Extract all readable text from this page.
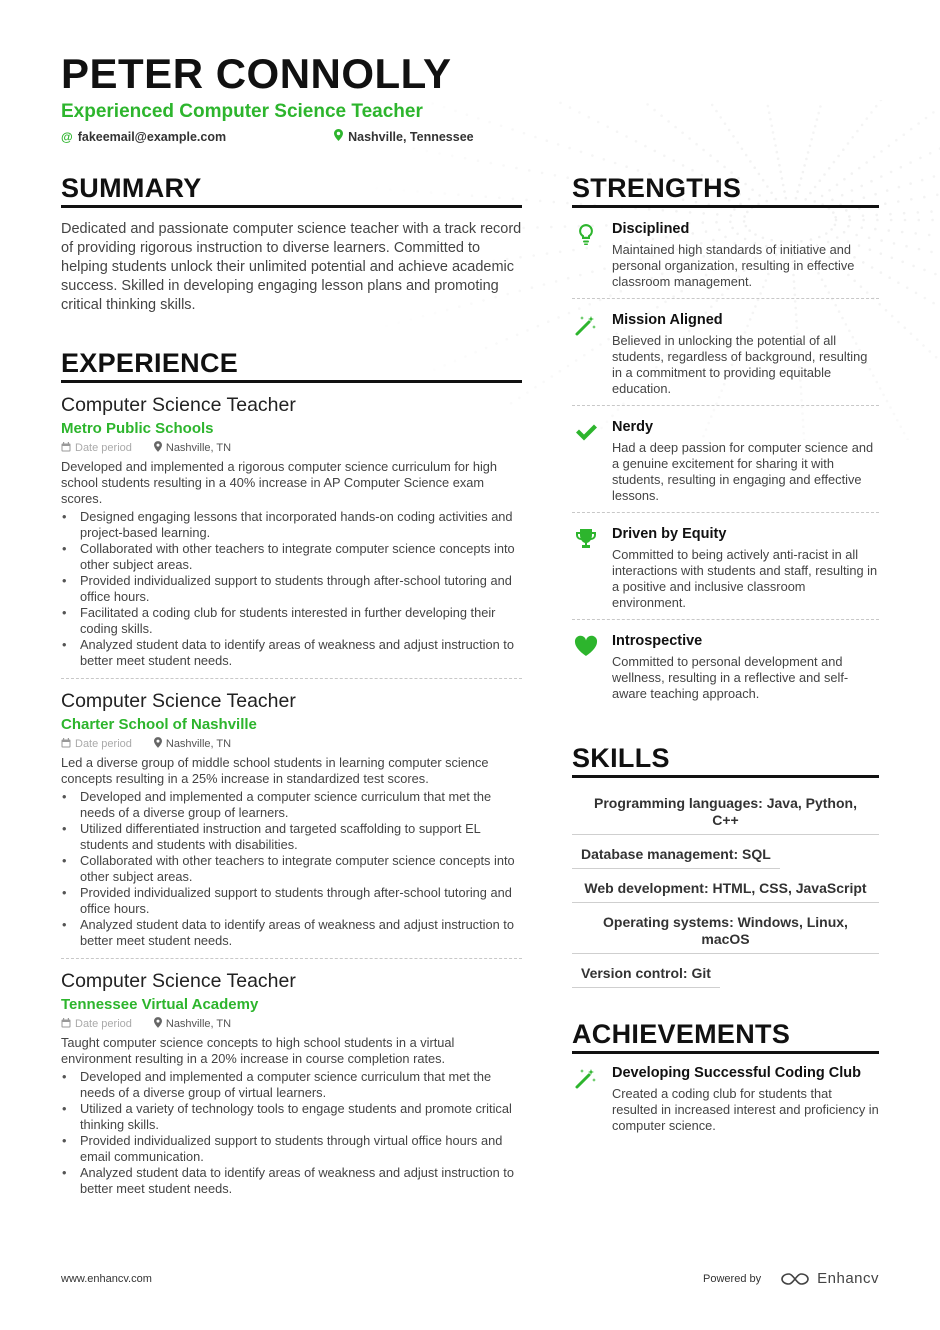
PETER CONNOLLY
Experienced Computer Science Teacher
@ fakeemail@example.com	Nashville, Tennessee
SUMMARY

Dedicated and passionate computer science teacher with a track record of providing rigorous instruction to diverse learners. Committed to helping students unlock their unlimited potential and achieve academic success. Skilled in developing engaging lesson plans and promoting critical thinking skills.

EXPERIENCE
Computer Science Teacher
Metro Public Schools
Date period	Nashville, TN
Developed and implemented a rigorous computer science curriculum for high school students resulting in a 40% increase in AP Computer Science exam scores.
• Designed engaging lessons that incorporated hands-on coding activities and project-based learning.
• Collaborated with other teachers to integrate computer science concepts into other subject areas.
• Provided individualized support to students through after-school tutoring and office hours.
• Facilitated a coding club for students interested in further developing their coding skills.
• Analyzed student data to identify areas of weakness and adjust instruction to better meet student needs.
Computer Science Teacher
Charter School of Nashville
Date period	Nashville, TN
Led a diverse group of middle school students in learning computer science concepts resulting in a 25% increase in standardized test scores.
• Developed and implemented a computer science curriculum that met the needs of a diverse group of learners.
• Utilized differentiated instruction and targeted scaffolding to support EL students and students with disabilities.
• Collaborated with other teachers to integrate computer science concepts into other subject areas.
• Provided individualized support to students through after-school tutoring and office hours.
• Analyzed student data to identify areas of weakness and adjust instruction to better meet student needs.
Computer Science Teacher
Tennessee Virtual Academy
Date period	Nashville, TN
Taught computer science concepts to high school students in a virtual environment resulting in a 20% increase in course completion rates.
• Developed and implemented a computer science curriculum that met the needs of a diverse group of virtual learners.
• Utilized a variety of technology tools to engage students and promote critical thinking skills.
• Provided individualized support to students through virtual office hours and email communication.
• Analyzed student data to identify areas of weakness and adjust instruction to better meet student needs.
STRENGTHS
Disciplined
Maintained high standards of initiative and personal organization, resulting in effective classroom management.
Mission Aligned
Believed in unlocking the potential of all students, regardless of background, resulting in a commitment to providing equitable education.
Nerdy
Had a deep passion for computer science and a genuine excitement for sharing it with students, resulting in engaging and effective lessons.
Driven by Equity
Committed to being actively anti-racist in all interactions with students and staff, resulting in a positive and inclusive classroom environment.
Introspective
Committed to personal development and wellness, resulting in a reflective and self-aware teaching approach.
SKILLS
Programming languages: Java, Python, C++
Database management: SQL
Web development: HTML, CSS, JavaScript
Operating systems: Windows, Linux, macOS
Version control: Git
ACHIEVEMENTS
Developing Successful Coding Club
Created a coding club for students that resulted in increased interest and proficiency in computer science.
www.enhancv.com	Powered by	Enhancv
